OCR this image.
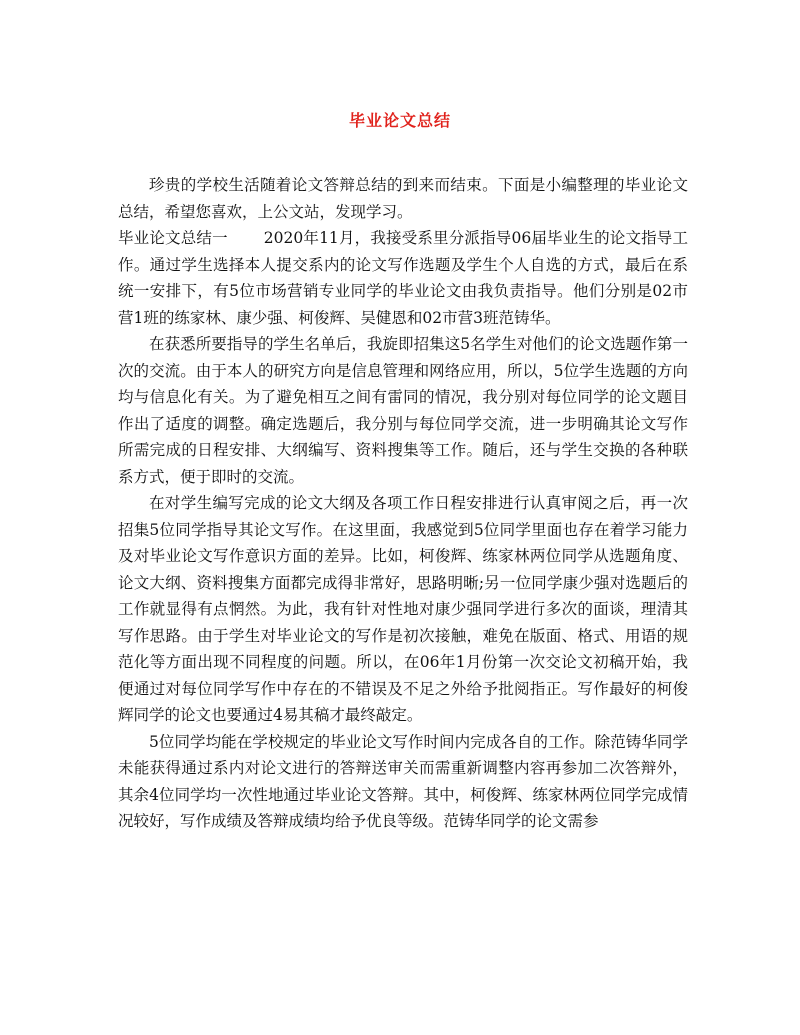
毕业论文总结

珍贵的学校生活随着论文答辩总结的到来而结束。下面是小编整理的毕业论文总结，希望您喜欢，上公文站，发现学习。

毕业论文总结一 2020年11月，我接受系里分派指导06届毕业生的论文指导工作。通过学生选择本人提交系内的论文写作选题及学生个人自选的方式，最后在系统一安排下，有5位市场营销专业同学的毕业论文由我负责指导。他们分别是02市营1班的练家林、康少强、柯俊辉、吴健恩和02市营3班范铸华。

在获悉所要指导的学生名单后，我旋即招集这5名学生对他们的论文选题作第一次的交流。由于本人的研究方向是信息管理和网络应用，所以，5位学生选题的方向均与信息化有关。为了避免相互之间有雷同的情况，我分别对每位同学的论文题目作出了适度的调整。确定选题后，我分别与每位同学交流，进一步明确其论文写作所需完成的日程安排、大纲编写、资料搜集等工作。随后，还与学生交换的各种联系方式，便于即时的交流。

在对学生编写完成的论文大纲及各项工作日程安排进行认真审阅之后，再一次招集5位同学指导其论文写作。在这里面，我感觉到5位同学里面也存在着学习能力及对毕业论文写作意识方面的差异。比如，柯俊辉、练家林两位同学从选题角度、论文大纲、资料搜集方面都完成得非常好，思路明晰;另一位同学康少强对选题后的工作就显得有点惘然。为此，我有针对性地对康少强同学进行多次的面谈，理清其写作思路。由于学生对毕业论文的写作是初次接触，难免在版面、格式、用语的规范化等方面出现不同程度的问题。所以，在06年1月份第一次交论文初稿开始，我便通过对每位同学写作中存在的不错误及不足之外给予批阅指正。写作最好的柯俊辉同学的论文也要通过4易其稿才最终敲定。

5位同学均能在学校规定的毕业论文写作时间内完成各自的工作。除范铸华同学未能获得通过系内对论文进行的答辩送审关而需重新调整内容再参加二次答辩外，其余4位同学均一次性地通过毕业论文答辩。其中，柯俊辉、练家林两位同学完成情况较好，写作成绩及答辩成绩均给予优良等级。范铸华同学的论文需参
